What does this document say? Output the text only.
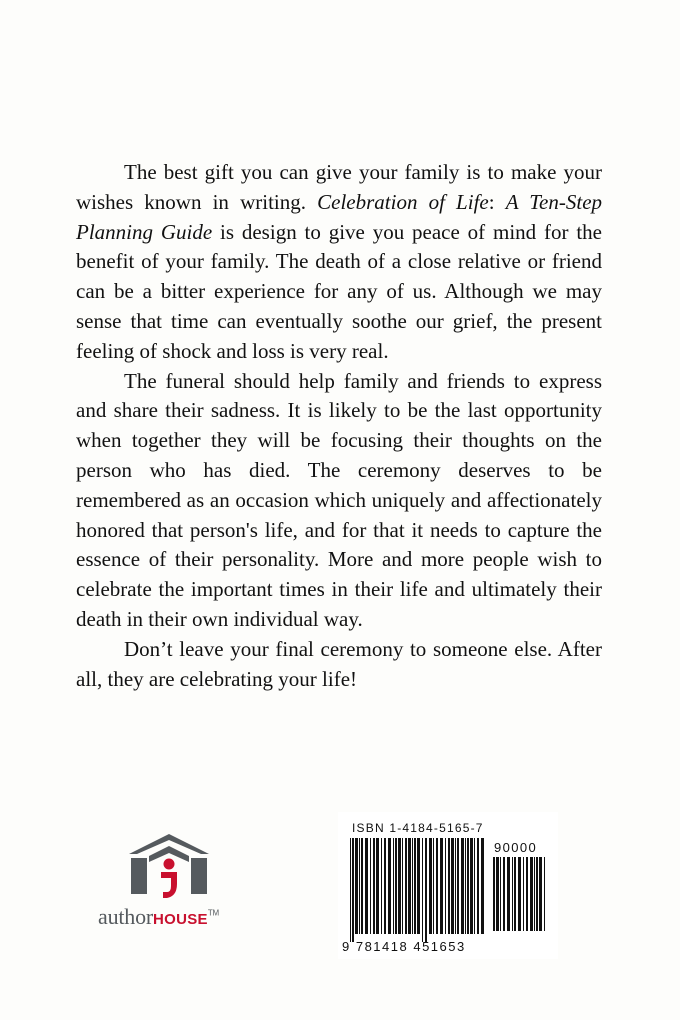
The best gift you can give your family is to make your wishes known in writing. Celebration of Life: A Ten-Step Planning Guide is design to give you peace of mind for the benefit of your family. The death of a close relative or friend can be a bitter experience for any of us. Although we may sense that time can eventually soothe our grief, the present feeling of shock and loss is very real.

The funeral should help family and friends to express and share their sadness. It is likely to be the last opportunity when together they will be focusing their thoughts on the person who has died. The ceremony deserves to be remembered as an occasion which uniquely and affectionately honored that person's life, and for that it needs to capture the essence of their personality. More and more people wish to celebrate the important times in their life and ultimately their death in their own individual way.

Don’t leave your final ceremony to someone else. After all, they are celebrating your life!

authorHOUSE™
ISBN 1-4184-5165-7
90000
9 781418 451653
